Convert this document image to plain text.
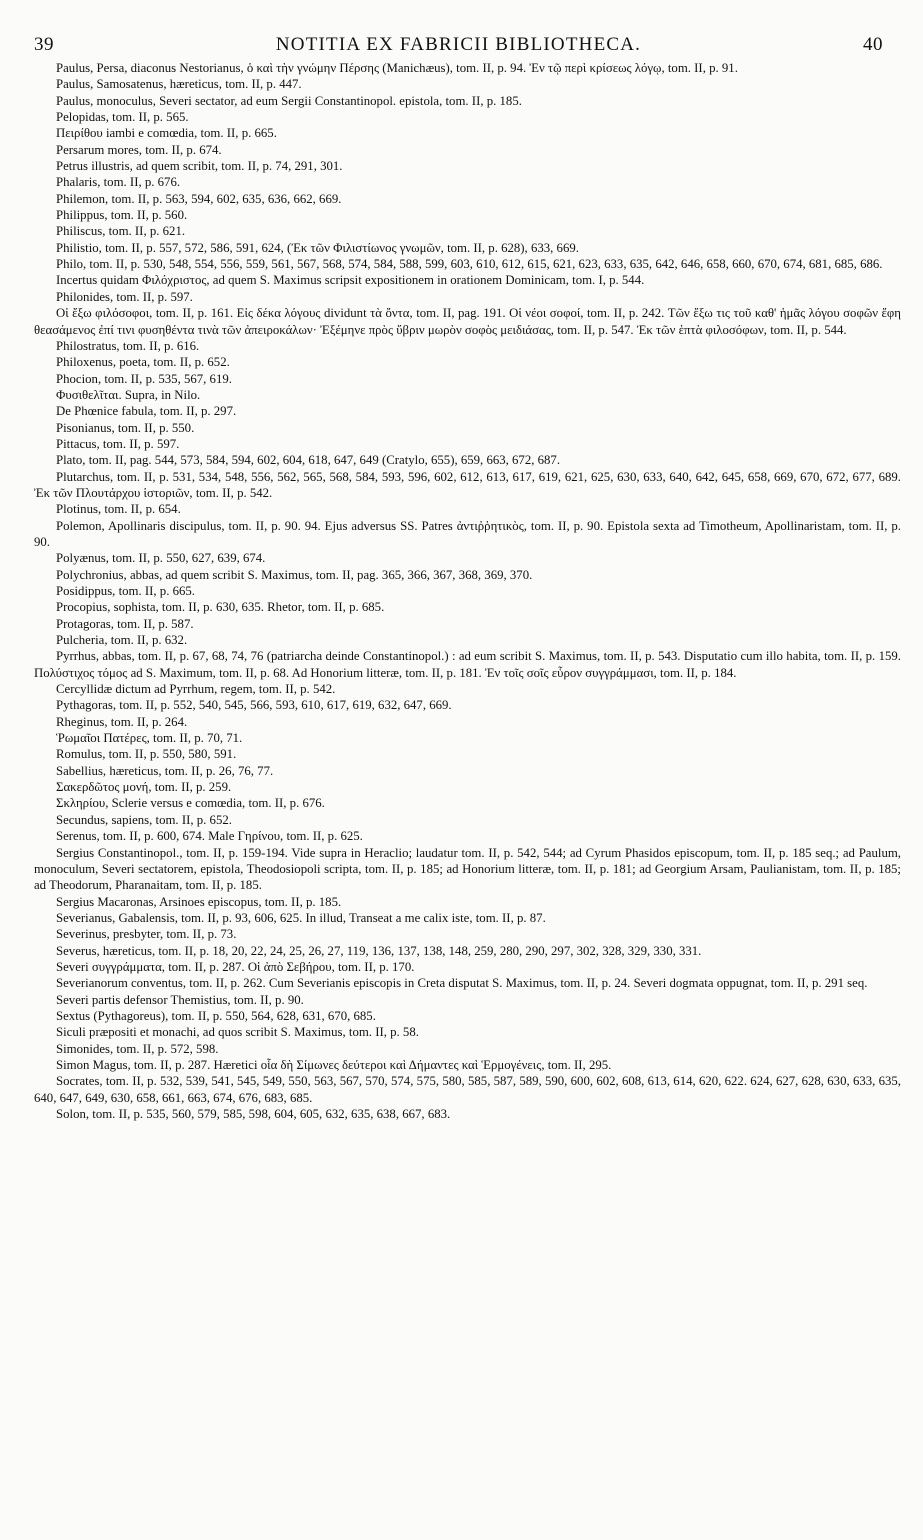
39	NOTITIA EX FABRICII BIBLIOTHECA.	40

Paulus, Persa, diaconus Nestorianus, ὁ καὶ τὴν γνώμην Πέρσης (Manichæus), tom. II, p. 94. Ἐν τῷ περὶ κρίσεως λόγῳ, tom. II, p. 91.

Paulus, Samosatenus, hæreticus, tom. II, p. 447.

Paulus, monoculus, Severi sectator, ad eum Sergii Constantinopol. epistola, tom. II, p. 185.

Pelopidas, tom. II, p. 565.

Πειρίθου iambi e comœdia, tom. II, p. 665.

Persarum mores, tom. II, p. 674.

Petrus illustris, ad quem scribit, tom. II, p. 74, 291, 301.

Phalaris, tom. II, p. 676.

Philemon, tom. II, p. 563, 594, 602, 635, 636, 662, 669.

Philippus, tom. II, p. 560.

Philiscus, tom. II, p. 621.

Philistio, tom. II, p. 557, 572, 586, 591, 624, (Ἐκ τῶν Φιλιστίωνος γνωμῶν, tom. II, p. 628), 633, 669.

Philo, tom. II, p. 530, 548, 554, 556, 559, 561, 567, 568, 574, 584, 588, 599, 603, 610, 612, 615, 621, 623, 633, 635, 642, 646, 658, 660, 670, 674, 681, 685, 686.

Incertus quidam Φιλόχριστος, ad quem S. Maximus scripsit expositionem in orationem Dominicam, tom. I, p. 544.

Philonides, tom. II, p. 597.

Οἱ ἔξω φιλόσοφοι, tom. II, p. 161. Εἰς δέκα λόγους dividunt τὰ ὄντα, tom. II, pag. 191. Οἱ νέοι σοφοί, tom. II, p. 242. Τῶν ἔξω τις τοῦ καθ' ἡμᾶς λόγου σοφῶν ἔφη θεασάμενος ἐπί τινι φυσηθέντα τινὰ τῶν ἀπειροκάλων· Ἐξέμηνε πρὸς ὕβριν μωρὸν σοφὸς μειδιάσας, tom. II, p. 547. Ἐκ τῶν ἑπτὰ φιλοσόφων, tom. II, p. 544.

Philostratus, tom. II, p. 616.

Philoxenus, poeta, tom. II, p. 652.

Phocion, tom. II, p. 535, 567, 619.

Φυσιθελῖται. Supra, in Nilo.

De Phœnice fabula, tom. II, p. 297.

Pisonianus, tom. II, p. 550.

Pittacus, tom. II, p. 597.

Plato, tom. II, pag. 544, 573, 584, 594, 602, 604, 618, 647, 649 (Cratylo, 655), 659, 663, 672, 687.

Plutarchus, tom. II, p. 531, 534, 548, 556, 562, 565, 568, 584, 593, 596, 602, 612, 613, 617, 619, 621, 625, 630, 633, 640, 642, 645, 658, 669, 670, 672, 677, 689. Ἐκ τῶν Πλουτάρχου ἱστοριῶν, tom. II, p. 542.

Plotinus, tom. II, p. 654.

Polemon, Apollinaris discipulus, tom. II, p. 90. 94. Ejus adversus SS. Patres ἀντιῤῥητικὸς, tom. II, p. 90. Epistola sexta ad Timotheum, Apollinaristam, tom. II, p. 90.

Polyænus, tom. II, p. 550, 627, 639, 674.

Polychronius, abbas, ad quem scribit S. Maximus, tom. II, pag. 365, 366, 367, 368, 369, 370.

Posidippus, tom. II, p. 665.

Procopius, sophista, tom. II, p. 630, 635. Rhetor, tom. II, p. 685.

Protagoras, tom. II, p. 587.

Pulcheria, tom. II, p. 632.

Pyrrhus, abbas, tom. II, p. 67, 68, 74, 76 (patriarcha deinde Constantinopol.) : ad eum scribit S. Maximus, tom. II, p. 543. Disputatio cum illo habita, tom. II, p. 159. Πολύστιχος τόμος ad S. Maximum, tom. II, p. 68. Ad Honorium litteræ, tom. II, p. 181. Ἐν τοῖς σοῖς εὗρον συγγράμμασι, tom. II, p. 184.

Cercyllidæ dictum ad Pyrrhum, regem, tom. II, p. 542.

Pythagoras, tom. II, p. 552, 540, 545, 566, 593, 610, 617, 619, 632, 647, 669.

Rheginus, tom. II, p. 264.

Ῥωμαῖοι Πατέρες, tom. II, p. 70, 71.

Romulus, tom. II, p. 550, 580, 591.

Sabellius, hæreticus, tom. II, p. 26, 76, 77.

Σακερδῶτος μονή, tom. II, p. 259.

Σκληρίου, Sclerie versus e comœdia, tom. II, p. 676.

Secundus, sapiens, tom. II, p. 652.

Serenus, tom. II, p. 600, 674. Male Γηρίνου, tom. II, p. 625.

Sergius Constantinopol., tom. II, p. 159-194. Vide supra in Heraclio; laudatur tom. II, p. 542, 544; ad Cyrum Phasidos episcopum, tom. II, p. 185 seq.; ad Paulum, monoculum, Severi sectatorem, epistola, Theodosiopoli scripta, tom. II, p. 185; ad Honorium litteræ, tom. II, p. 181; ad Georgium Arsam, Paulianistam, tom. II, p. 185; ad Theodorum, Pharanaitam, tom. II, p. 185.

Sergius Macaronas, Arsinoes episcopus, tom. II, p. 185.

Severianus, Gabalensis, tom. II, p. 93, 606, 625. In illud, Transeat a me calix iste, tom. II, p. 87.

Severinus, presbyter, tom. II, p. 73.

Severus, hæreticus, tom. II, p. 18, 20, 22, 24, 25, 26, 27, 119, 136, 137, 138, 148, 259, 280, 290, 297, 302, 328, 329, 330, 331.

Severi συγγράμματα, tom. II, p. 287. Οἱ ἀπὸ Σεβήρου, tom. II, p. 170.

Severianorum conventus, tom. II, p. 262. Cum Severianis episcopis in Creta disputat S. Maximus, tom. II, p. 24. Severi dogmata oppugnat, tom. II, p. 291 seq.

Severi partis defensor Themistius, tom. II, p. 90.

Sextus (Pythagoreus), tom. II, p. 550, 564, 628, 631, 670, 685.

Siculi præpositi et monachi, ad quos scribit S. Maximus, tom. II, p. 58.

Simonides, tom. II, p. 572, 598.

Simon Magus, tom. II, p. 287. Hæretici οἷα δὴ Σίμωνες δεύτεροι καὶ Δήμαντες καὶ Ἑρμογένεις, tom. II, 295.

Socrates, tom. II, p. 532, 539, 541, 545, 549, 550, 563, 567, 570, 574, 575, 580, 585, 587, 589, 590, 600, 602, 608, 613, 614, 620, 622. 624, 627, 628, 630, 633, 635, 640, 647, 649, 630, 658, 661, 663, 674, 676, 683, 685.

Solon, tom. II, p. 535, 560, 579, 585, 598, 604, 605, 632, 635, 638, 667, 683.
